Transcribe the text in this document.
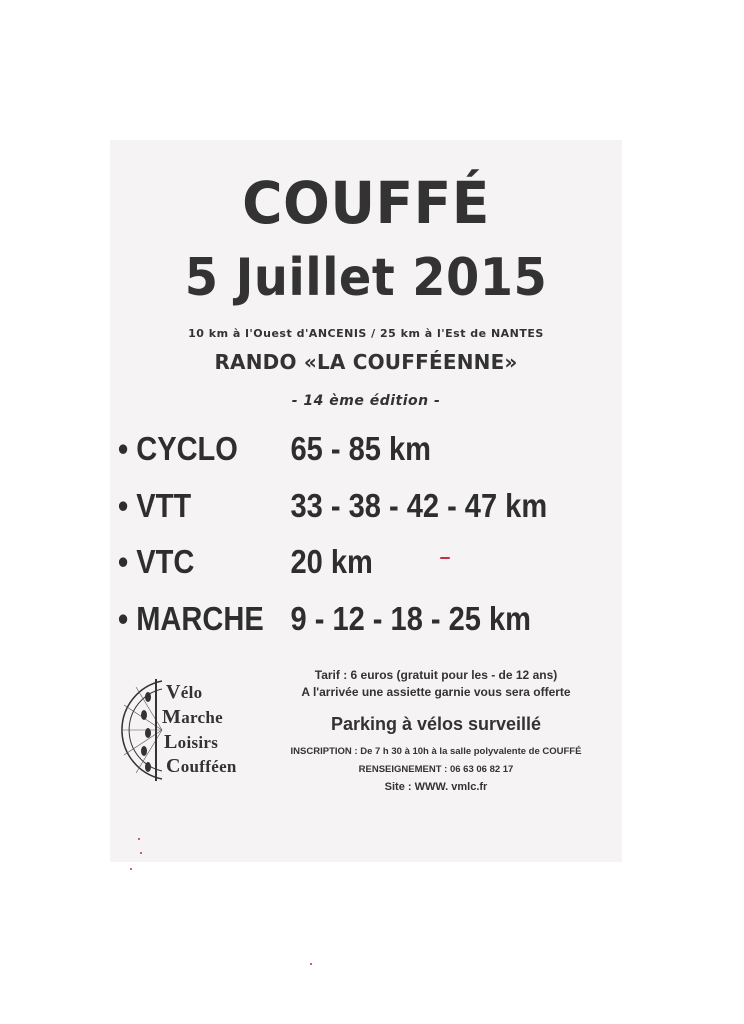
COUFFÉ
5 Juillet 2015
10 km à l'Ouest d'ANCENIS / 25 km à l'Est de NANTES
RANDO «LA COUFFÉENNE»
- 14 ème édition -
• CYCLO 65 - 85 km
• VTT	33 - 38 - 42 - 47 km
• VTC	20 km
• MARCHE 9 - 12 - 18 - 25 km
Vélo
Marche
Loisirs
Coufféen
Tarif : 6 euros (gratuit pour les - de 12 ans)
A l'arrivée une assiette garnie vous sera offerte
Parking à vélos surveillé
INSCRIPTION : De 7 h 30 à 10h à la salle polyvalente de COUFFÉ
RENSEIGNEMENT : 06 63 06 82 17
Site : WWW. vmlc.fr
